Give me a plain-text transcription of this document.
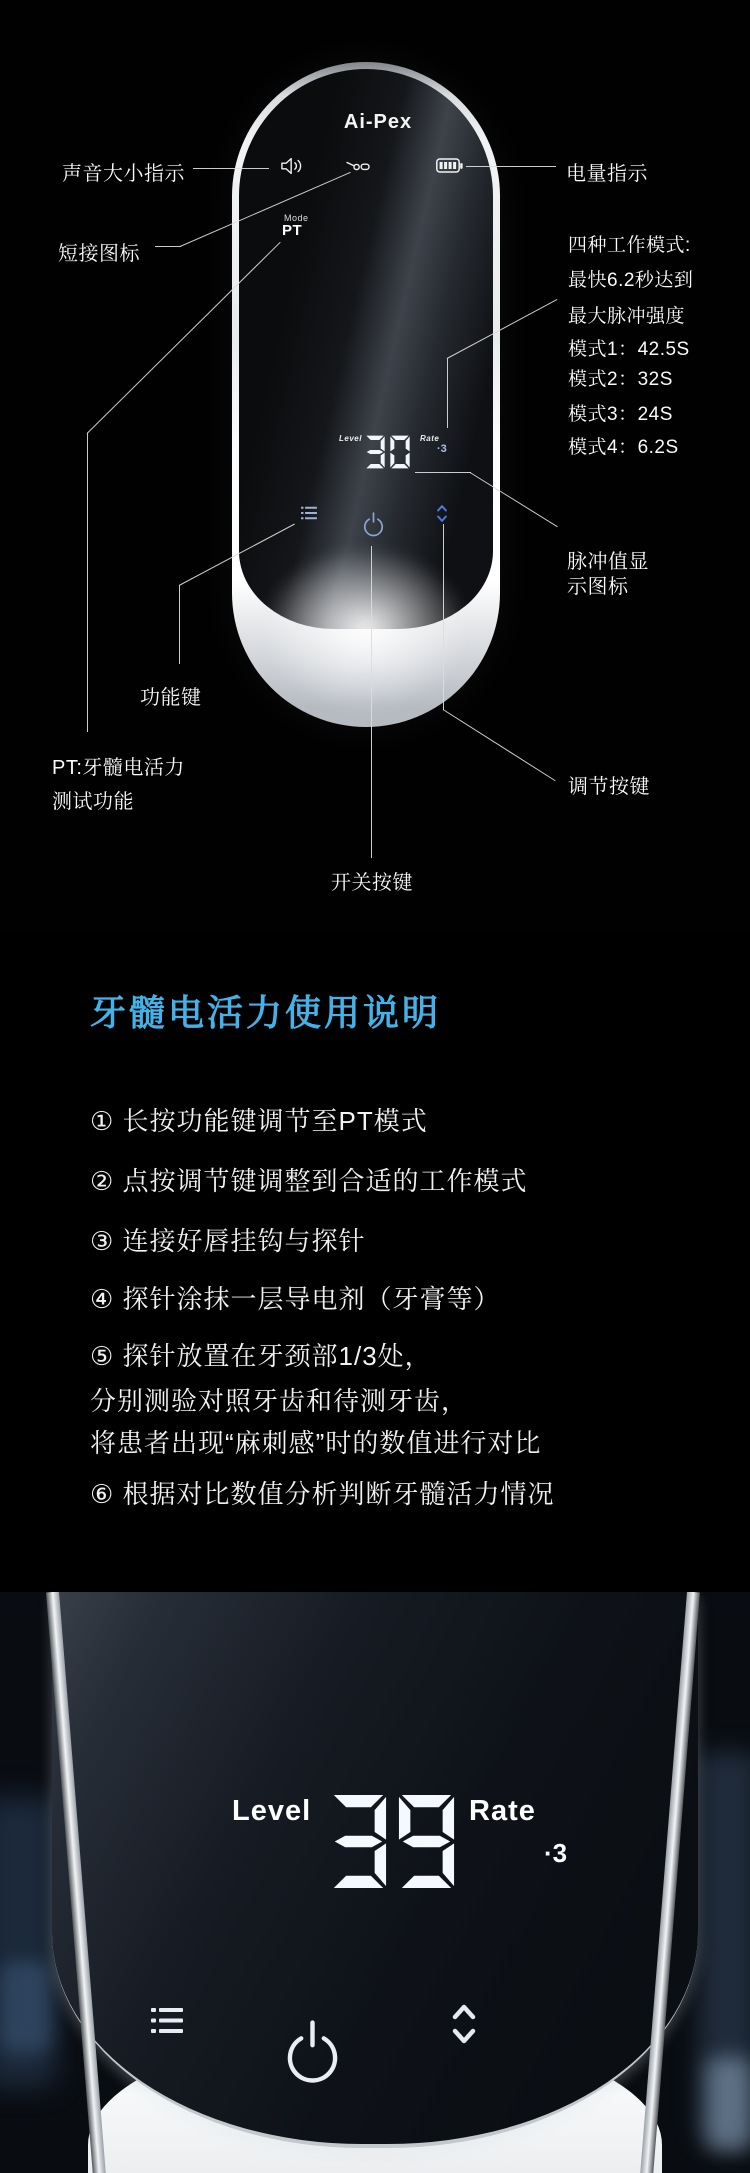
Ai-Pex
Mode
PT
Level	Rate
·3
声音大小指示	电量指示
短接图标	四种工作模式:
最快6.2秒达到
最大脉冲强度
模式1：42.5S
模式2：32S
模式3：24S
模式4：6.2S
脉冲值显
示图标
功能键
PT:牙髓电活力
测试功能
调节按键
开关按键
牙髓电活力使用说明
① 长按功能键调节至PT模式
② 点按调节键调整到合适的工作模式
③ 连接好唇挂钩与探针
④ 探针涂抹一层导电剂（牙膏等）
⑤ 探针放置在牙颈部1/3处，
分别测验对照牙齿和待测牙齿，
将患者出现“麻刺感”时的数值进行对比
⑥ 根据对比数值分析判断牙髓活力情况
Level	Rate
·3
